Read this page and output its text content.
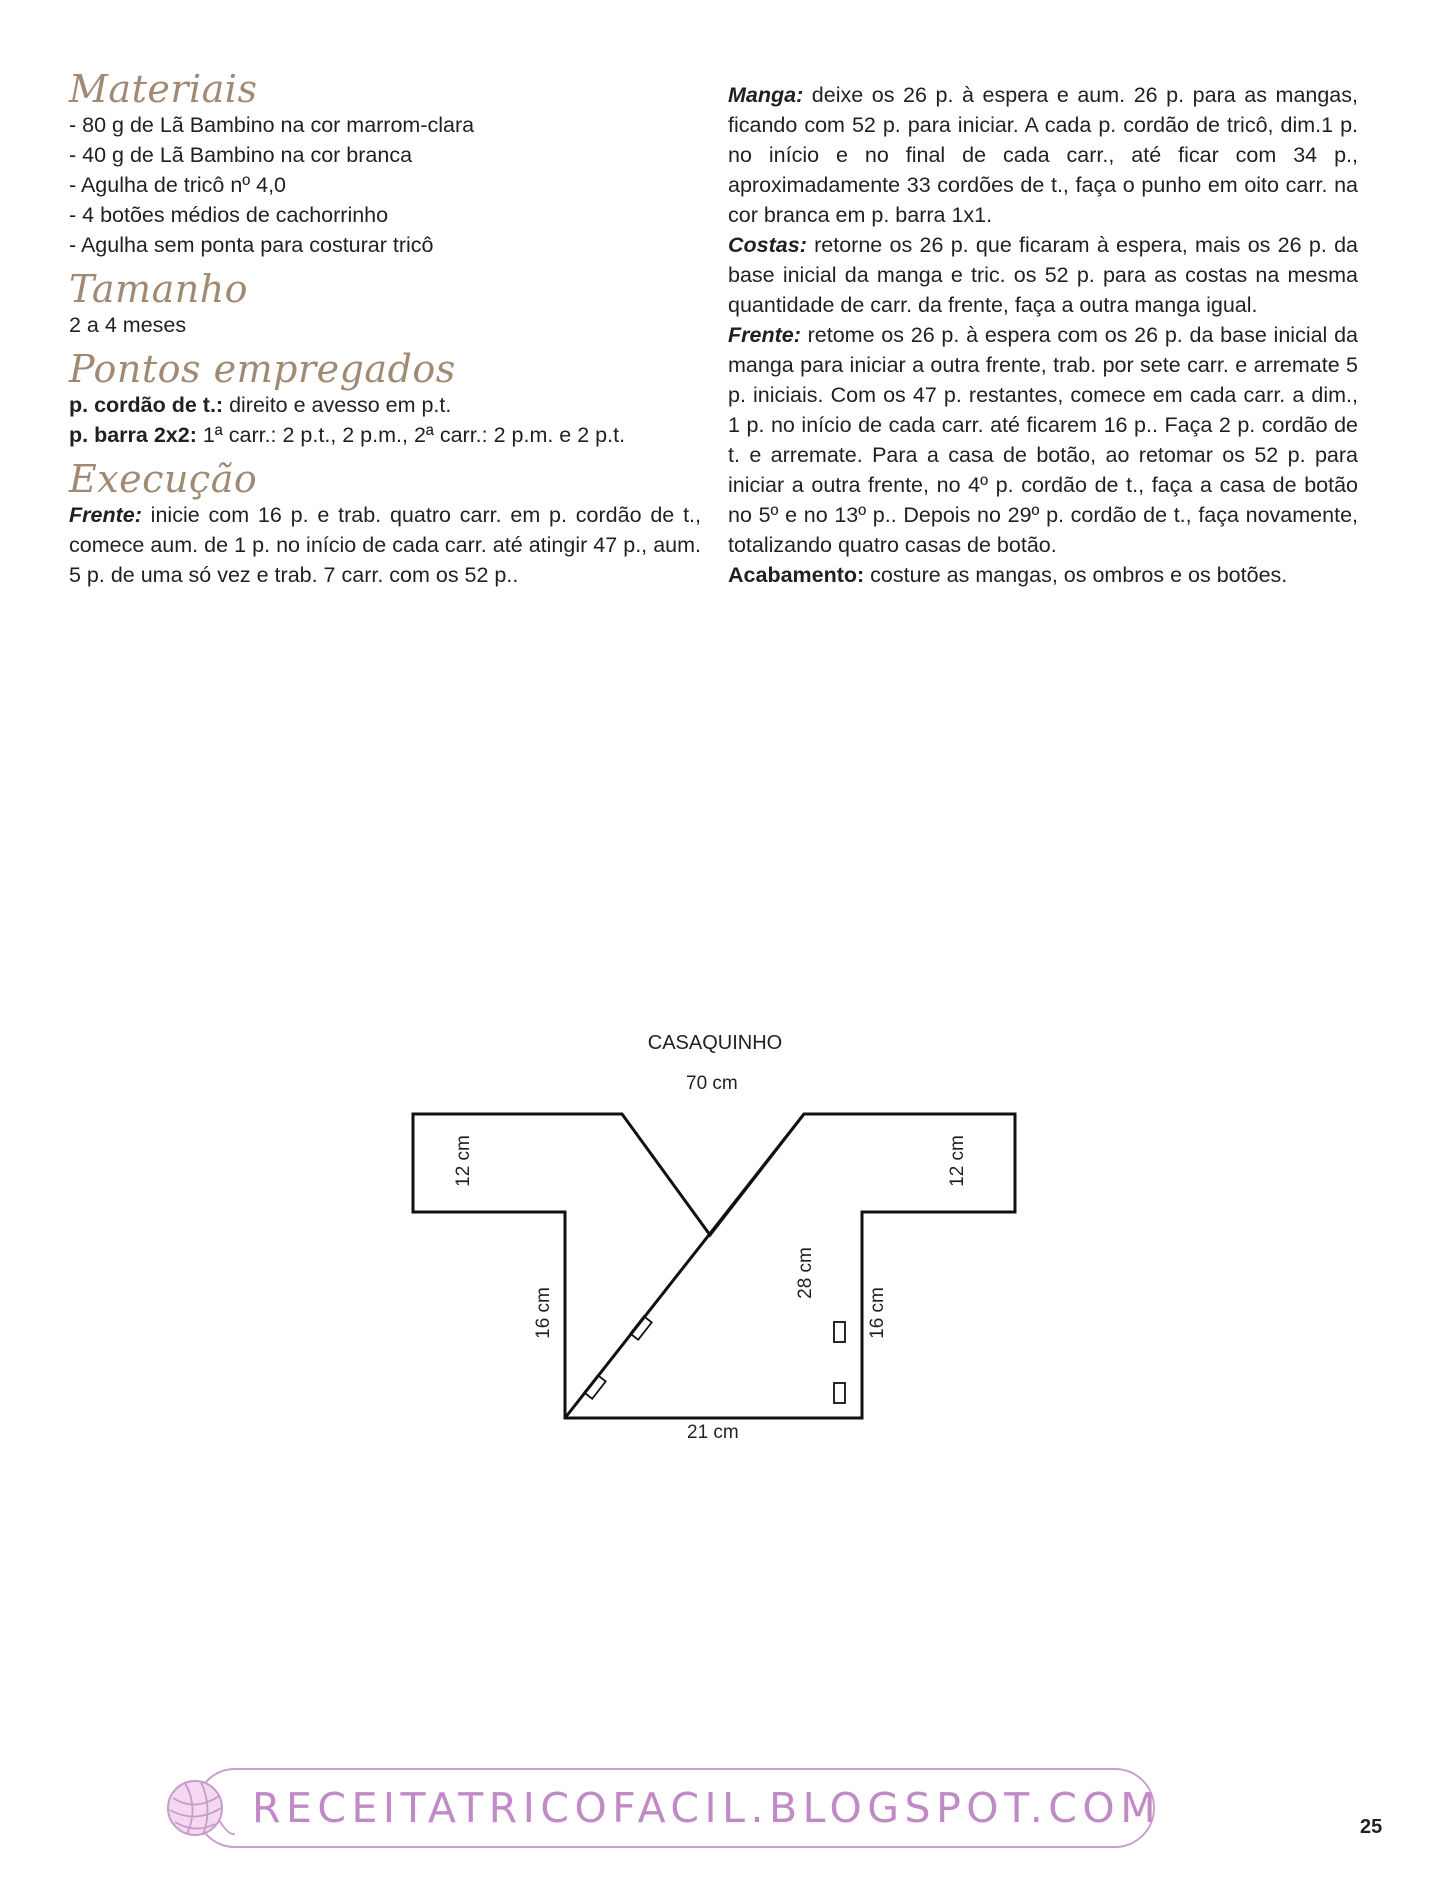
Materiais
- 80 g de Lã Bambino na cor marrom-clara
- 40 g de Lã Bambino na cor branca
- Agulha de tricô nº 4,0
- 4 botões médios de cachorrinho
- Agulha sem ponta para costurar tricô
Tamanho
2 a 4 meses
Pontos empregados
p. cordão de t.: direito e avesso em p.t.
p. barra 2x2: 1ª carr.: 2 p.t., 2 p.m., 2ª carr.: 2 p.m. e 2 p.t.
Execução

Frente: inicie com 16 p. e trab. quatro carr. em p. cordão de t., comece aum. de 1 p. no início de cada carr. até atingir 47 p., aum. 5 p. de uma só vez e trab. 7 carr. com os 52 p..

Manga: deixe os 26 p. à espera e aum. 26 p. para as mangas, ficando com 52 p. para iniciar. A cada p. cordão de tricô, dim.1 p. no início e no final de cada carr., até ficar com 34 p., aproximadamente 33 cordões de t., faça o punho em oito carr. na cor branca em p. barra 1x1.

Costas: retorne os 26 p. que ficaram à espera, mais os 26 p. da base inicial da manga e tric. os 52 p. para as costas na mesma quantidade de carr. da frente, faça a outra manga igual.

Frente: retome os 26 p. à espera com os 26 p. da base inicial da manga para iniciar a outra frente, trab. por sete carr. e arremate 5 p. iniciais. Com os 47 p. restantes, comece em cada carr. a dim., 1 p. no início de cada carr. até ficarem 16 p.. Faça 2 p. cordão de t. e arremate. Para a casa de botão, ao retomar os 52 p. para iniciar a outra frente, no 4º p. cordão de t., faça a casa de botão no 5º e no 13º p.. Depois no 29º p. cordão de t., faça novamente, totalizando quatro casas de botão.

Acabamento: costure as mangas, os ombros e os botões.

CASAQUINHO
70 cm
12 cm	12 cm
16 cm	16 cm
28 cm
21 cm
RECEITATRICOFACIL.BLOGSPOT.COM	25
